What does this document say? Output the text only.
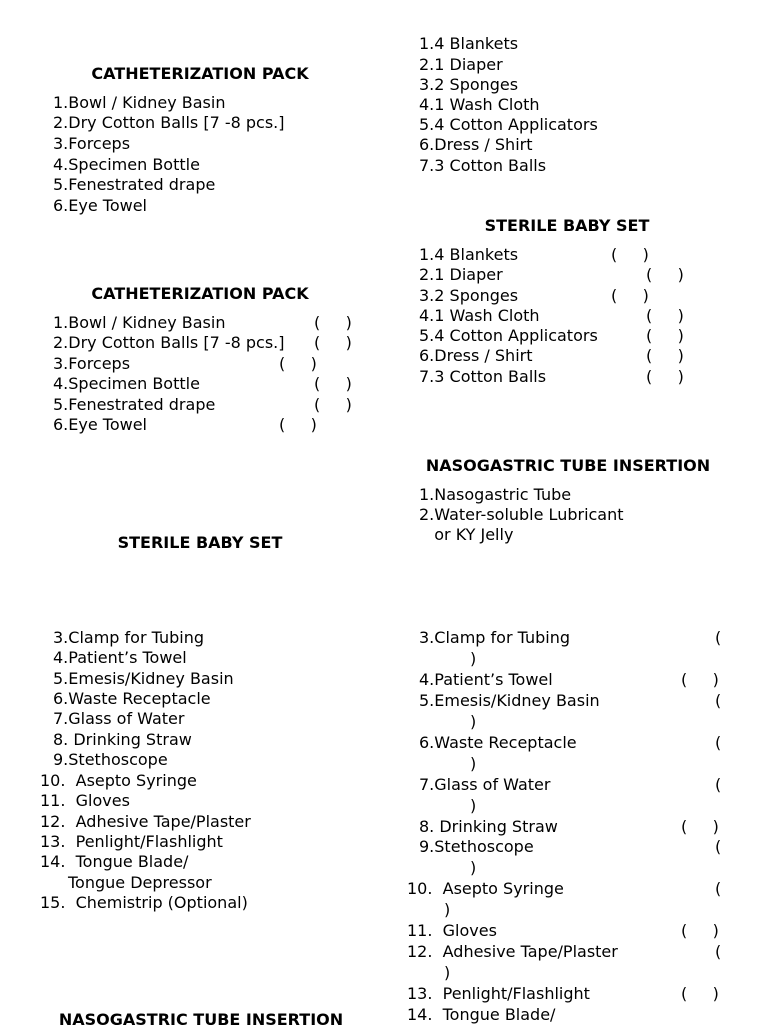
CATHETERIZATION PACK
1.Bowl / Kidney Basin
2.Dry Cotton Balls [7 -8 pcs.]
3.Forceps
4.Specimen Bottle
5.Fenestrated drape
6.Eye Towel
CATHETERIZATION PACK
1.Bowl / Kidney Basin	(     )
2.Dry Cotton Balls [7 -8 pcs.] (     )
3.Forceps	(     )
4.Specimen Bottle	(     )
5.Fenestrated drape	(     )
6.Eye Towel	(     )
1.4 Blankets
2.1 Diaper
3.2 Sponges
4.1 Wash Cloth
5.4 Cotton Applicators
6.Dress / Shirt
7.3 Cotton Balls
STERILE BABY SET
1.4 Blankets	(     )
2.1 Diaper	(     )
3.2 Sponges	(     )
4.1 Wash Cloth	(     )
5.4 Cotton Applicators	(     )
6.Dress / Shirt	(     )
7.3 Cotton Balls	(     )
NASOGASTRIC TUBE INSERTION
1.Nasogastric Tube
2.Water-soluble Lubricant
or KY Jelly
STERILE BABY SET
3.Clamp for Tubing
4.Patient’s Towel
5.Emesis/Kidney Basin
6.Waste Receptacle
7.Glass of Water
8. Drinking Straw
9.Stethoscope
10.  Asepto Syringe
11.  Gloves
12.  Adhesive Tape/Plaster
13.  Penlight/Flashlight
14.  Tongue Blade/
Tongue Depressor
15.  Chemistrip (Optional)
NASOGASTRIC TUBE INSERTION
3.Clamp for Tubing	(
)
4.Patient’s Towel	(     )
5.Emesis/Kidney Basin	(
)
6.Waste Receptacle	(
)
7.Glass of Water	(
)
8. Drinking Straw	(     )
9.Stethoscope	(
)
10.  Asepto Syringe	(
)
11.  Gloves	(     )
12.  Adhesive Tape/Plaster	(
)
13.  Penlight/Flashlight	(     )
14.  Tongue Blade/
